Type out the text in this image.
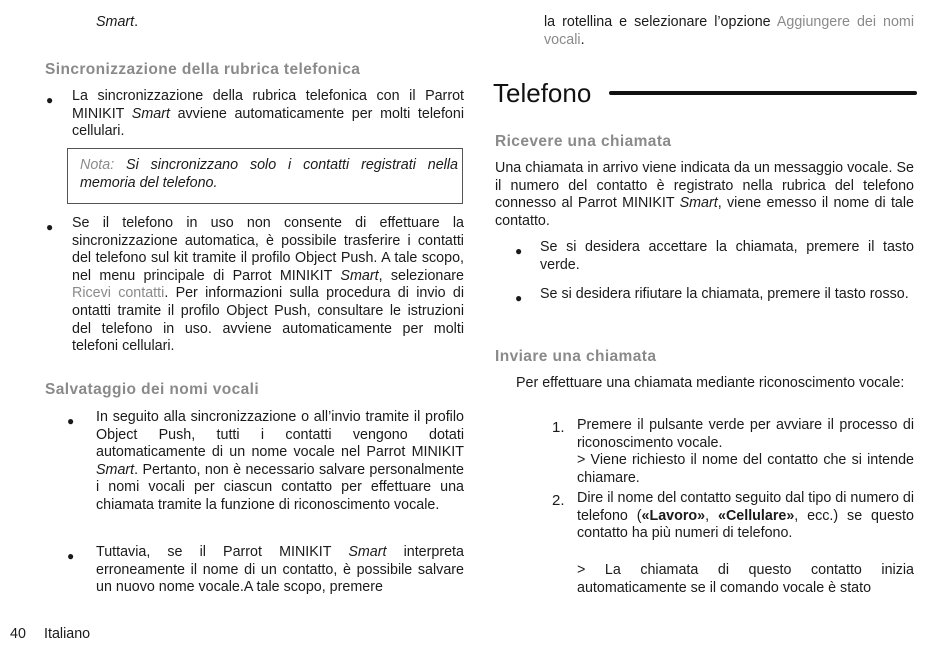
Smart.
Sincronizzazione della rubrica telefonica
● La sincronizzazione della rubrica telefonica con il Parrot MINIKIT Smart avviene automaticamente per molti telefoni cellulari.
Nota: Si sincronizzano solo i contatti registrati nella memoria del telefono.
● Se il telefono in uso non consente di effettuare la sincronizzazione automatica, è possibile trasferire i contatti del telefono sul kit tramite il profilo Object Push. A tale scopo, nel menu principale di Parrot MINIKIT Smart, selezionare Ricevi contatti. Per informazioni sulla procedura di invio di ontatti tramite il profilo Object Push, consultare le istruzioni del telefono in uso. avviene automaticamente per molti telefoni cellulari.
Salvataggio dei nomi vocali
● In seguito alla sincronizzazione o all’invio tramite il profilo Object Push, tutti i contatti vengono dotati automaticamente di un nome vocale nel Parrot MINIKIT Smart. Pertanto, non è necessario salvare personalmente i nomi vocali per ciascun contatto per effettuare una chiamata tramite la funzione di riconoscimento vocale.
● Tuttavia, se il Parrot MINIKIT Smart interpreta erroneamente il nome di un contatto, è possibile salvare un nuovo nome vocale.A tale scopo, premere
la rotellina e selezionare l’opzione Aggiungere dei nomi vocali.
Telefono
Ricevere una chiamata
Una chiamata in arrivo viene indicata da un messaggio vocale. Se il numero del contatto è registrato nella rubrica del telefono connesso al Parrot MINIKIT Smart, viene emesso il nome di tale contatto.
● Se si desidera accettare la chiamata, premere il tasto verde.
● Se si desidera rifiutare la chiamata, premere il tasto rosso.
Inviare una chiamata
Per effettuare una chiamata mediante riconoscimento vocale:
1. Premere il pulsante verde per avviare il processo di riconoscimento vocale.
> Viene richiesto il nome del contatto che si intende chiamare.
2. Dire il nome del contatto seguito dal tipo di numero di telefono («Lavoro», «Cellulare», ecc.) se questo contatto ha più numeri di telefono.
> La chiamata di questo contatto inizia automaticamente se il comando vocale è stato
40 Italiano
